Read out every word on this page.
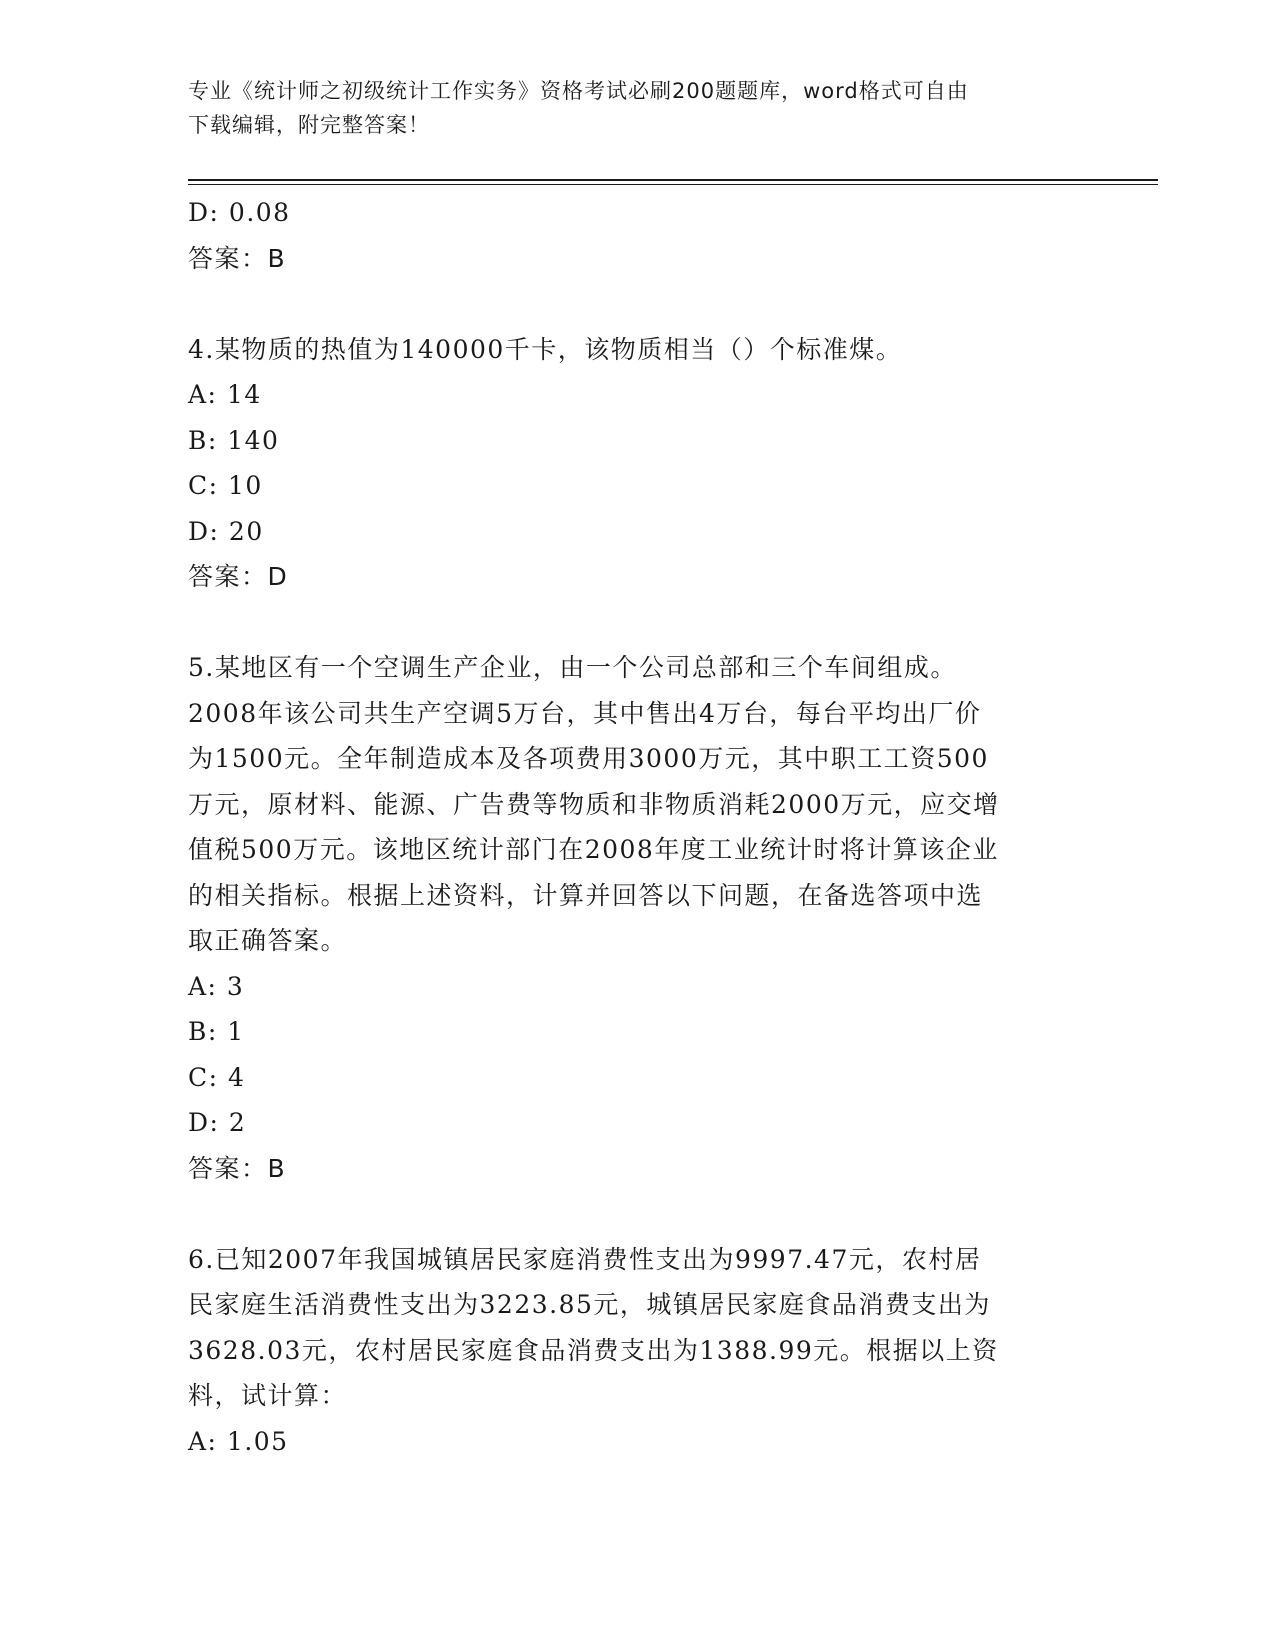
专业《统计师之初级统计工作实务》资格考试必刷200题题库，word格式可自由
下载编辑，附完整答案！
D: 0.08
答案：B
4.某物质的热值为140000千卡，该物质相当（）个标准煤。
A: 14
B: 140
C: 10
D: 20
答案：D
5.某地区有一个空调生产企业，由一个公司总部和三个车间组成。
2008年该公司共生产空调5万台，其中售出4万台，每台平均出厂价
为1500元。全年制造成本及各项费用3000万元，其中职工工资500
万元，原材料、能源、广告费等物质和非物质消耗2000万元，应交增
值税500万元。该地区统计部门在2008年度工业统计时将计算该企业
的相关指标。根据上述资料，计算并回答以下问题，在备选答项中选
取正确答案。
A: 3
B: 1
C: 4
D: 2
答案：B
6.已知2007年我国城镇居民家庭消费性支出为9997.47元，农村居
民家庭生活消费性支出为3223.85元，城镇居民家庭食品消费支出为
3628.03元，农村居民家庭食品消费支出为1388.99元。根据以上资
料，试计算：
A: 1.05
